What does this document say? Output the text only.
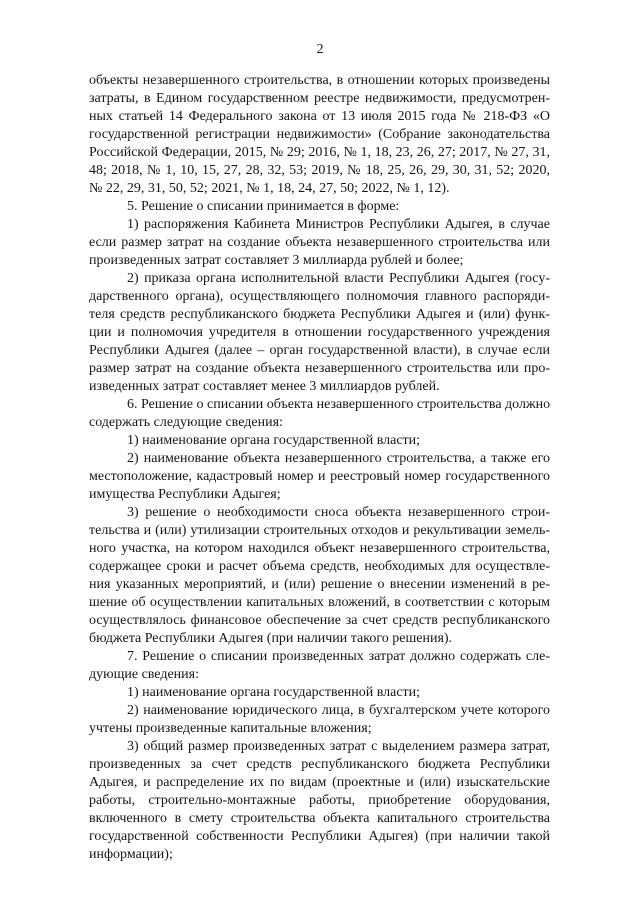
2
объекты незавершенного строительства, в отношении которых произведены
затраты, в Едином государственном реестре недвижимости, предусмотрен-
ных статьей 14 Федерального закона от 13 июля 2015 года № 218-ФЗ «О
государственной регистрации недвижимости» (Собрание законодательства
Российской Федерации, 2015, № 29; 2016, № 1, 18, 23, 26, 27; 2017, № 27, 31,
48; 2018, № 1, 10, 15, 27, 28, 32, 53; 2019, № 18, 25, 26, 29, 30, 31, 52; 2020,
№ 22, 29, 31, 50, 52; 2021, № 1, 18, 24, 27, 50; 2022, № 1, 12).
5. Решение о списании принимается в форме:
1) распоряжения Кабинета Министров Республики Адыгея, в случае
если размер затрат на создание объекта незавершенного строительства или
произведенных затрат составляет 3 миллиарда рублей и более;
2) приказа органа исполнительной власти Республики Адыгея (госу-
дарственного органа), осуществляющего полномочия главного распоряди-
теля средств республиканского бюджета Республики Адыгея и (или) функ-
ции и полномочия учредителя в отношении государственного учреждения
Республики Адыгея (далее – орган государственной власти), в случае если
размер затрат на создание объекта незавершенного строительства или про-
изведенных затрат составляет менее 3 миллиардов рублей.
6. Решение о списании объекта незавершенного строительства должно
содержать следующие сведения:
1) наименование органа государственной власти;
2) наименование объекта незавершенного строительства, а также его
местоположение, кадастровый номер и реестровый номер государственного
имущества Республики Адыгея;
3) решение о необходимости сноса объекта незавершенного строи-
тельства и (или) утилизации строительных отходов и рекультивации земель-
ного участка, на котором находился объект незавершенного строительства,
содержащее сроки и расчет объема средств, необходимых для осуществле-
ния указанных мероприятий, и (или) решение о внесении изменений в ре-
шение об осуществлении капитальных вложений, в соответствии с которым
осуществлялось финансовое обеспечение за счет средств республиканского
бюджета Республики Адыгея (при наличии такого решения).
7. Решение о списании произведенных затрат должно содержать сле-
дующие сведения:
1) наименование органа государственной власти;
2) наименование юридического лица, в бухгалтерском учете которого
учтены произведенные капитальные вложения;
3) общий размер произведенных затрат с выделением размера затрат,
произведенных за счет средств республиканского бюджета Республики
Адыгея, и распределение их по видам (проектные и (или) изыскательские
работы, строительно-монтажные работы, приобретение оборудования,
включенного в смету строительства объекта капитального строительства
государственной собственности Республики Адыгея) (при наличии такой
информации);
